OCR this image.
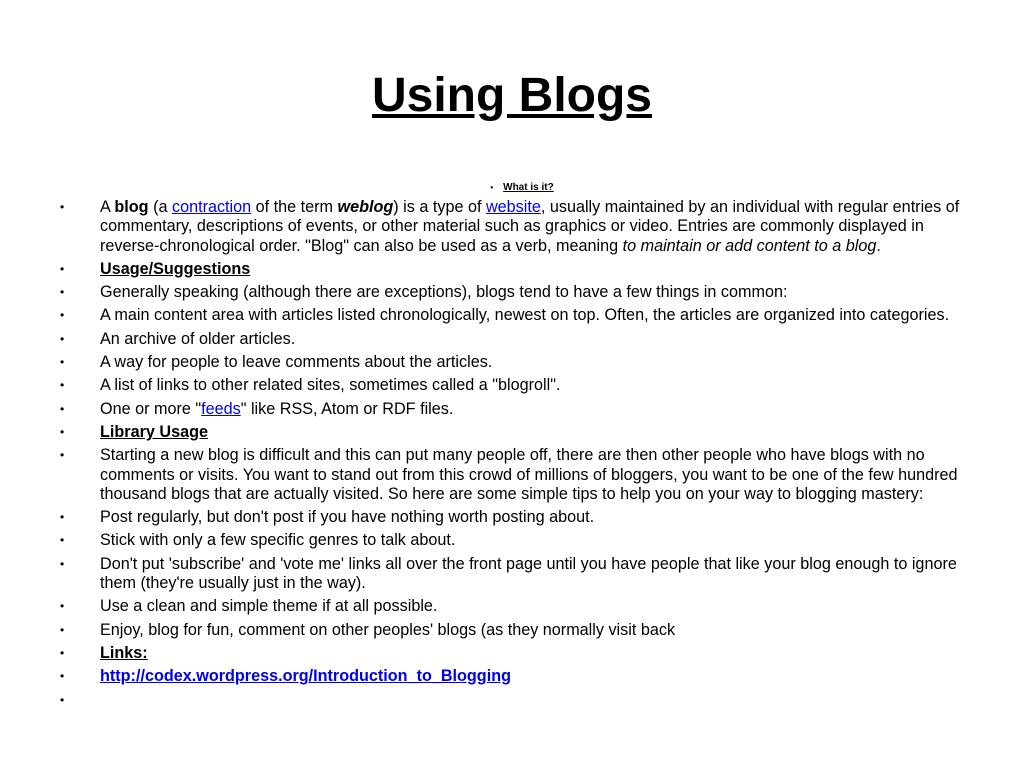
Using Blogs
• What is it?
•	A blog (a contraction of the term weblog) is a type of website, usually maintained by an individual with regular entries of commentary, descriptions of events, or other material such as graphics or video. Entries are commonly displayed in reverse-chronological order. "Blog" can also be used as a verb, meaning to maintain or add content to a blog.
•	Usage/Suggestions
•	Generally speaking (although there are exceptions), blogs tend to have a few things in common:
•	A main content area with articles listed chronologically, newest on top. Often, the articles are organized into categories.
•	An archive of older articles.
•	A way for people to leave comments about the articles.
•	A list of links to other related sites, sometimes called a "blogroll".
•	One or more "feeds" like RSS, Atom or RDF files.
•	Library Usage
•	Starting a new blog is difficult and this can put many people off, there are then other people who have blogs with no comments or visits. You want to stand out from this crowd of millions of bloggers, you want to be one of the few hundred thousand blogs that are actually visited. So here are some simple tips to help you on your way to blogging mastery:
•	Post regularly, but don't post if you have nothing worth posting about.
•	Stick with only a few specific genres to talk about.
•	Don't put 'subscribe' and 'vote me' links all over the front page until you have people that like your blog enough to ignore them (they're usually just in the way).
•	Use a clean and simple theme if at all possible.
•	Enjoy, blog for fun, comment on other peoples' blogs (as they normally visit back
•	Links:
•	http://codex.wordpress.org/Introduction_to_Blogging
•
